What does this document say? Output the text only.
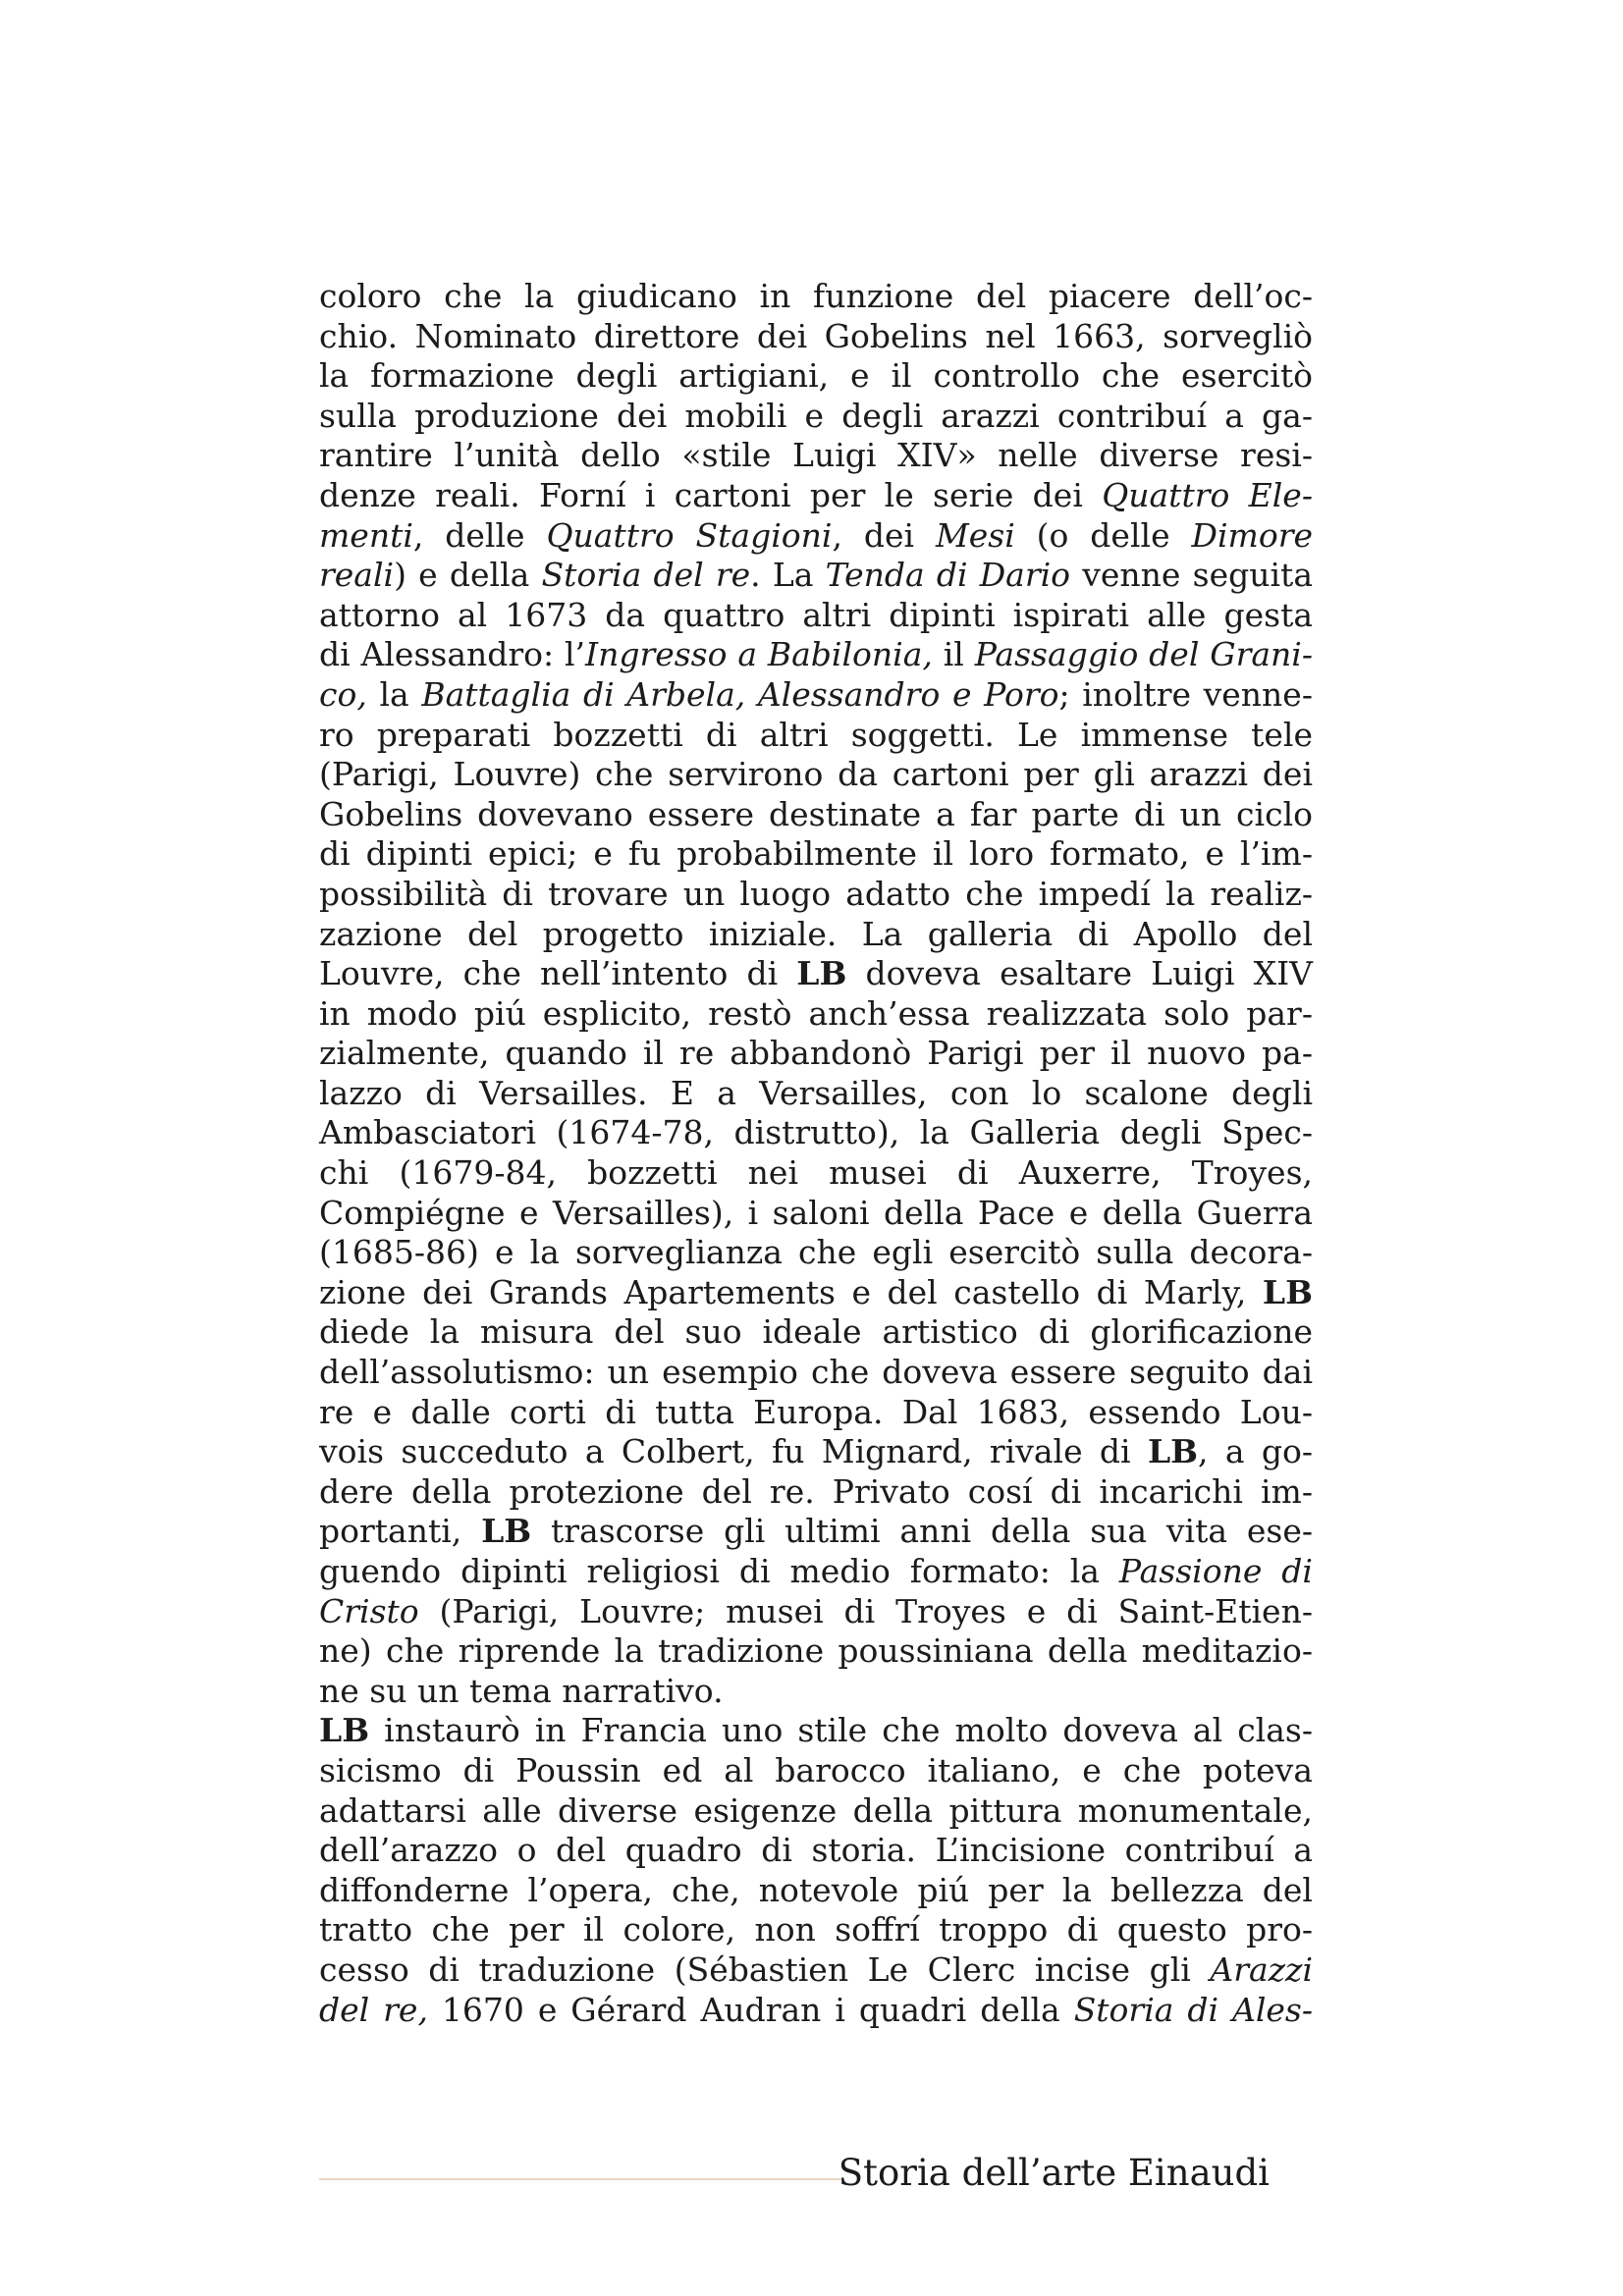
coloro che la giudicano in funzione del piacere dell’oc-
chio. Nominato direttore dei Gobelins nel 1663, sorvegliò
la formazione degli artigiani, e il controllo che esercitò
sulla produzione dei mobili e degli arazzi contribuí a ga-
rantire l’unità dello «stile Luigi XIV» nelle diverse resi-
denze reali. Forní i cartoni per le serie dei Quattro Ele-
menti, delle Quattro Stagioni, dei Mesi (o delle Dimore
reali) e della Storia del re. La Tenda di Dario venne seguita
attorno al 1673 da quattro altri dipinti ispirati alle gesta
di Alessandro: l’Ingresso a Babilonia, il Passaggio del Grani-
co, la Battaglia di Arbela, Alessandro e Poro; inoltre venne-
ro preparati bozzetti di altri soggetti. Le immense tele
(Parigi, Louvre) che servirono da cartoni per gli arazzi dei
Gobelins dovevano essere destinate a far parte di un ciclo
di dipinti epici; e fu probabilmente il loro formato, e l’im-
possibilità di trovare un luogo adatto che impedí la realiz-
zazione del progetto iniziale. La galleria di Apollo del
Louvre, che nell’intento di LB doveva esaltare Luigi XIV
in modo piú esplicito, restò anch’essa realizzata solo par-
zialmente, quando il re abbandonò Parigi per il nuovo pa-
lazzo di Versailles. E a Versailles, con lo scalone degli
Ambasciatori (1674-78, distrutto), la Galleria degli Spec-
chi (1679-84, bozzetti nei musei di Auxerre, Troyes,
Compiégne e Versailles), i saloni della Pace e della Guerra
(1685-86) e la sorveglianza che egli esercitò sulla decora-
zione dei Grands Apartements e del castello di Marly, LB
diede la misura del suo ideale artistico di glorificazione
dell’assolutismo: un esempio che doveva essere seguito dai
re e dalle corti di tutta Europa. Dal 1683, essendo Lou-
vois succeduto a Colbert, fu Mignard, rivale di LB, a go-
dere della protezione del re. Privato cosí di incarichi im-
portanti, LB trascorse gli ultimi anni della sua vita ese-
guendo dipinti religiosi di medio formato: la Passione di
Cristo (Parigi, Louvre; musei di Troyes e di Saint-Etien-
ne) che riprende la tradizione poussiniana della meditazio-
ne su un tema narrativo.
LB instaurò in Francia uno stile che molto doveva al clas-
sicismo di Poussin ed al barocco italiano, e che poteva
adattarsi alle diverse esigenze della pittura monumentale,
dell’arazzo o del quadro di storia. L’incisione contribuí a
diffonderne l’opera, che, notevole piú per la bellezza del
tratto che per il colore, non soffrí troppo di questo pro-
cesso di traduzione (Sébastien Le Clerc incise gli Arazzi
del re, 1670 e Gérard Audran i quadri della Storia di Ales-
Storia dell’arte Einaudi
